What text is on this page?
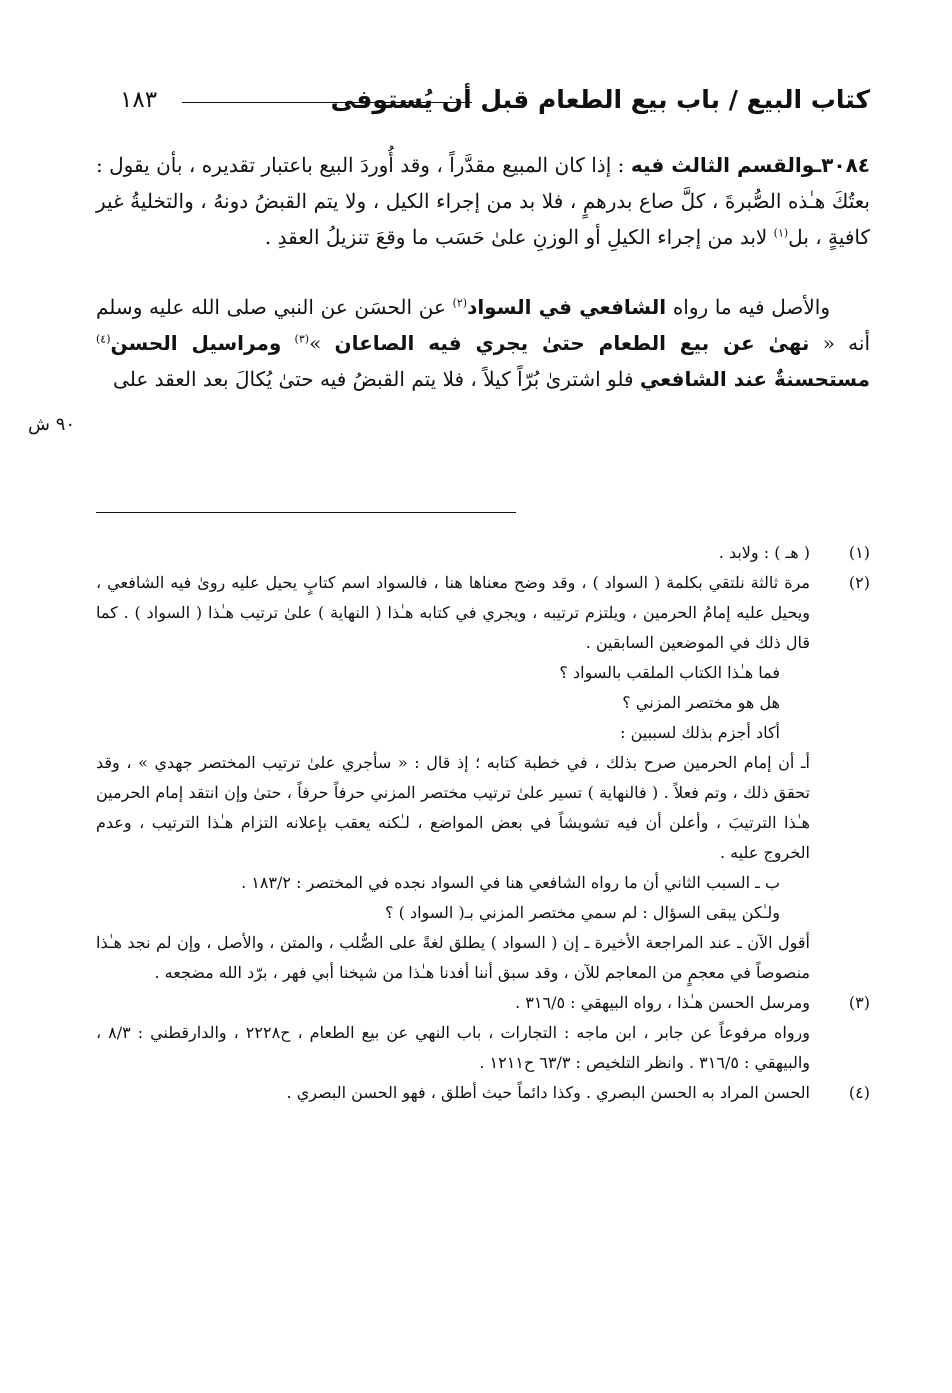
كتاب البيع / باب بيع الطعام قبل أن يُستوفى
١٨٣

٣٠٨٤ـوالقسم الثالث فيه : إذا كان المبيع مقدَّراً ، وقد أُوردَ البيع باعتبار تقديره ، بأن يقول : بعتُكَ هـٰذه الصُّبرةَ ، كلَّ صاع بدرهمٍ ، فلا بد من إجراء الكيل ، ولا يتم القبضُ دونهُ ، والتخليةُ غير كافيةٍ ، بل$^{(١)}$ لابد من إجراء الكيلِ أو الوزنِ علىٰ حَسَب ما وقعَ تنزيلُ العقدِ .

والأصل فيه ما رواه الشافعي في السواد$^{(٢)}$ عن الحسَن عن النبي صلى الله عليه وسلم أنه « نهىٰ عن بيع الطعام حتىٰ يجري فيه الصاعان »$^{(٣)}$ ومراسيل الحسن$^{(٤)}$ مستحسنةٌ عند الشافعي فلو اشترىٰ بُرّاً كيلاً ، فلا يتم القبضُ فيه حتىٰ يُكالَ بعد العقد على

٩٠ ش
(١)
( هـ ) : ولابد .
(٢)

مرة ثالثة نلتقي بكلمة ( السواد ) ، وقد وضح معناها هنا ، فالسواد اسم كتابٍ يحيل عليه روىٰ فيه الشافعي ، ويحيل عليه إمامُ الحرمين ، ويلتزم ترتيبه ، ويجري في كتابه هـٰذا ( النهاية ) علىٰ ترتيب هـٰذا ( السواد ) . كما قال ذلك في الموضعين السابقين .

فما هـٰذا الكتاب الملقب بالسواد ؟

هل هو مختصر المزني ؟

أكاد أجزم بذلك لسببين :

أـ أن إمام الحرمين صرح بذلك ، في خطبة كتابه ؛ إذ قال : « سأجري علىٰ ترتيب المختصر جهدي » ، وقد تحقق ذلك ، وتم فعلاً . ( فالنهاية ) تسير علىٰ ترتيب مختصر المزني حرفاً حرفاً ، حتىٰ وإن انتقد إمام الحرمين هـٰذا الترتيبَ ، وأعلن أن فيه تشويشاً في بعض المواضع ، لـٰكنه يعقب بإعلانه التزام هـٰذا الترتيب ، وعدم الخروج عليه .

ب ـ السبب الثاني أن ما رواه الشافعي هنا في السواد نجده في المختصر : ١٨٣/٢ .

ولـٰكن يبقى السؤال : لم سمي مختصر المزني بـ( السواد ) ؟

أقول الآن ـ عند المراجعة الأخيرة ـ إن ( السواد ) يطلق لغةً على الصُّلب ، والمتن ، والأصل ، وإن لم نجد هـٰذا منصوصاً في معجمٍ من المعاجم للآن ، وقد سبق أننا أفدنا هـٰذا من شيخنا أبي فهر ، برّد الله مضجعه .

(٣)
ومرسل الحسن هـٰذا ، رواه البيهقي : ٣١٦/٥ .

ورواه مرفوعاً عن جابر ، ابن ماجه : التجارات ، باب النهي عن بيع الطعام ، ح٢٢٢٨ ، والدارقطني : ٨/٣ ، والبيهقي : ٣١٦/٥ . وانظر التلخيص : ٦٣/٣ ح١٢١١ .

(٤)
الحسن المراد به الحسن البصري . وكذا دائماً حيث أطلق ، فهو الحسن البصري .
